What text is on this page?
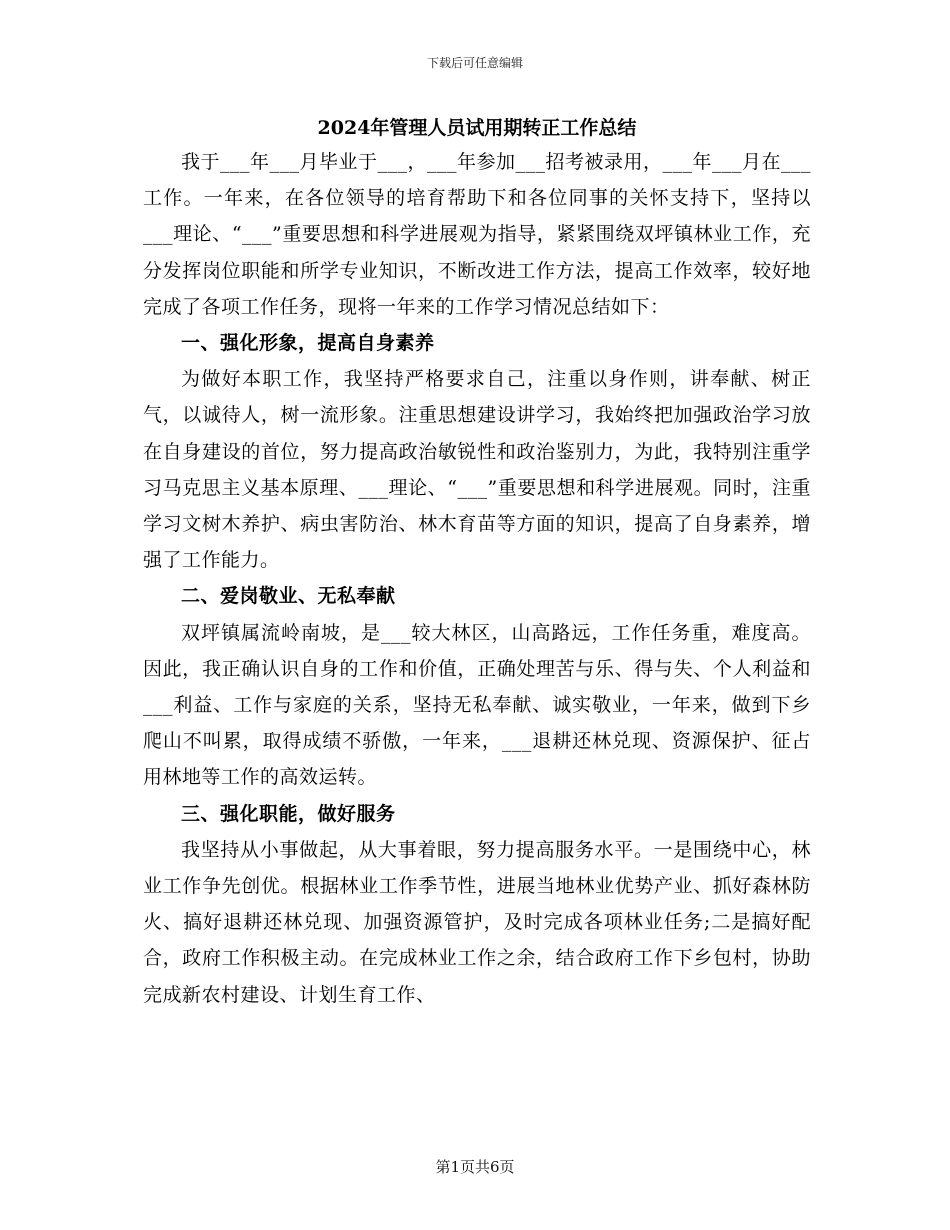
下载后可任意编辑
2024年管理人员试用期转正工作总结

我于___年___月毕业于___，___年参加___招考被录用，___年___月在___工作。一年来，在各位领导的培育帮助下和各位同事的关怀支持下，坚持以___理论、“___”重要思想和科学进展观为指导，紧紧围绕双坪镇林业工作，充分发挥岗位职能和所学专业知识，不断改进工作方法，提高工作效率，较好地完成了各项工作任务，现将一年来的工作学习情况总结如下：

一、强化形象，提高自身素养

为做好本职工作，我坚持严格要求自己，注重以身作则，讲奉献、树正气，以诚待人，树一流形象。注重思想建设讲学习，我始终把加强政治学习放在自身建设的首位，努力提高政治敏锐性和政治鉴别力，为此，我特别注重学习马克思主义基本原理、___理论、“___”重要思想和科学进展观。同时，注重学习文树木养护、病虫害防治、林木育苗等方面的知识，提高了自身素养，增强了工作能力。

二、爱岗敬业、无私奉献

双坪镇属流岭南坡，是___较大林区，山高路远，工作任务重，难度高。因此，我正确认识自身的工作和价值，正确处理苦与乐、得与失、个人利益和___利益、工作与家庭的关系，坚持无私奉献、诚实敬业，一年来，做到下乡爬山不叫累，取得成绩不骄傲，一年来，___退耕还林兑现、资源保护、征占用林地等工作的高效运转。

三、强化职能，做好服务

我坚持从小事做起，从大事着眼，努力提高服务水平。一是围绕中心，林业工作争先创优。根据林业工作季节性，进展当地林业优势产业、抓好森林防火、搞好退耕还林兑现、加强资源管护，及时完成各项林业任务;二是搞好配合，政府工作积极主动。在完成林业工作之余，结合政府工作下乡包村，协助完成新农村建设、计划生育工作、

第1页共6页
